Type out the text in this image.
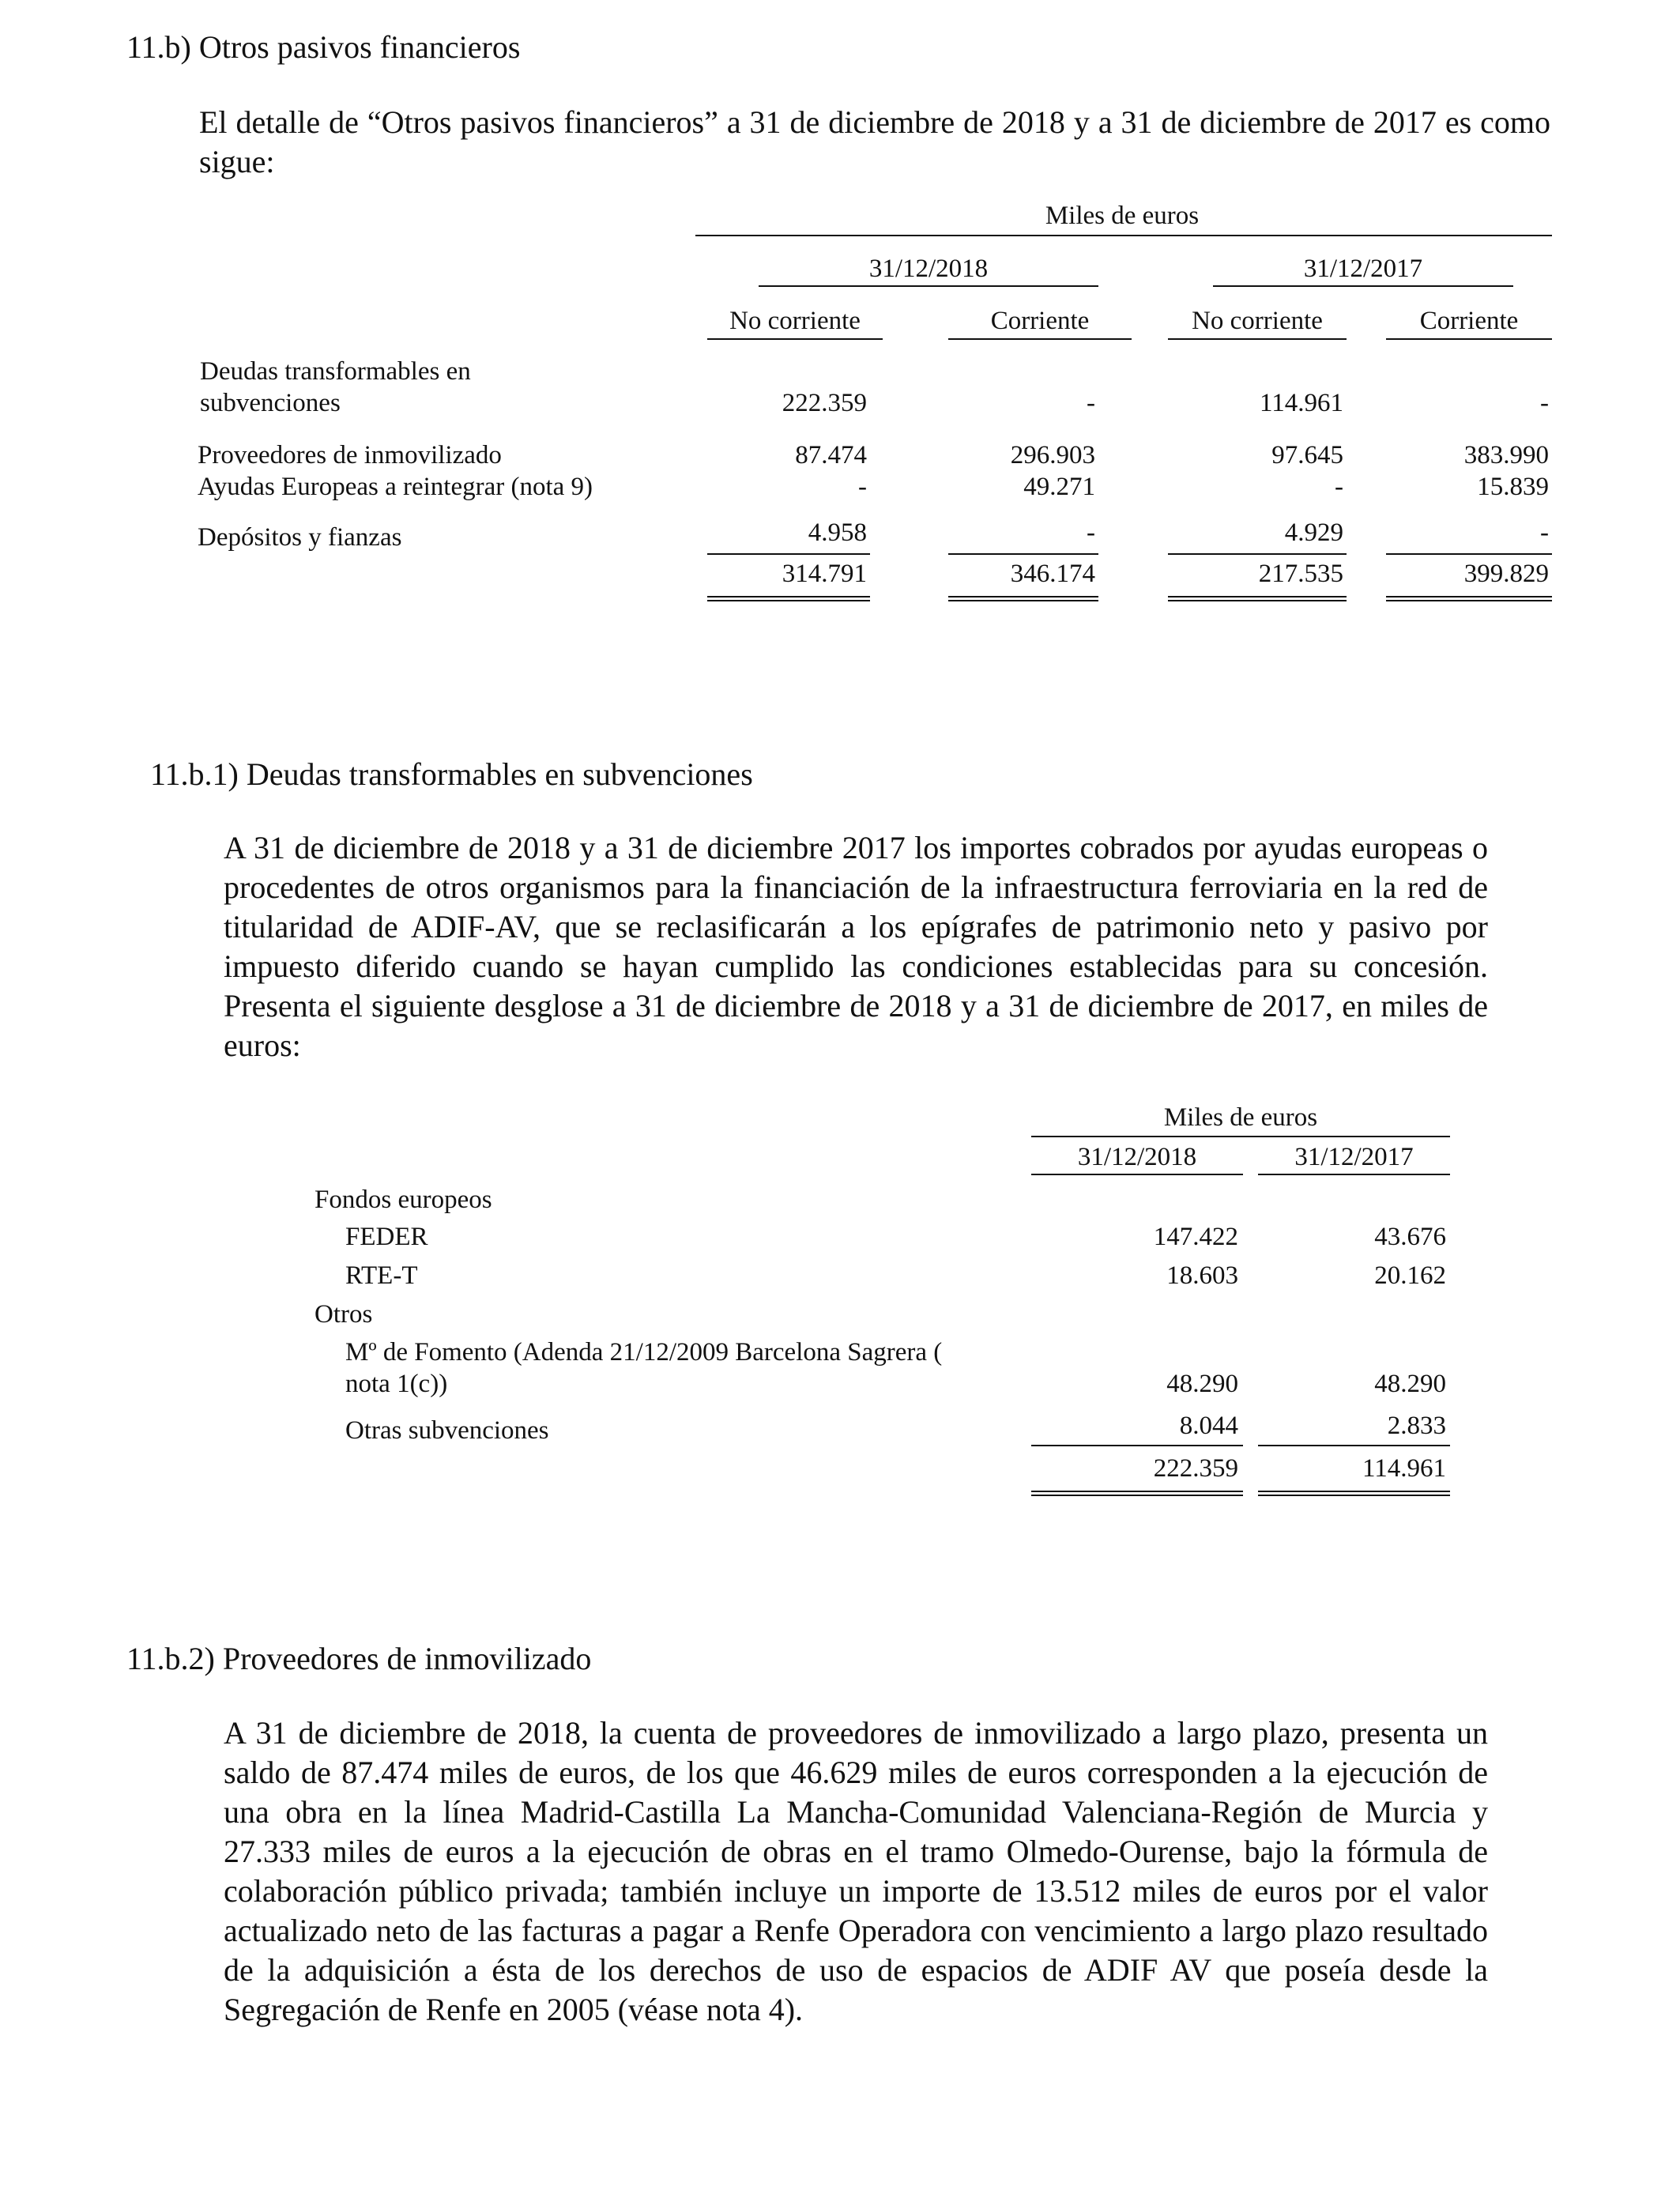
11.b) Otros pasivos financieros
El detalle de “Otros pasivos financieros” a 31 de diciembre de 2018 y a 31 de diciembre de 2017 es como sigue:
Miles de euros
31/12/2018	31/12/2017
No corriente	Corriente	No corriente	Corriente
Deudas transformables en
subvenciones	222.359	-	114.961	-
Proveedores de inmovilizado	87.474	296.903	97.645	383.990
Ayudas Europeas a reintegrar (nota 9)	-	49.271	-	15.839
Depósitos y fianzas	4.958	-	4.929	-
314.791	346.174	217.535	399.829
11.b.1) Deudas transformables en subvenciones
A 31 de diciembre de 2018 y a 31 de diciembre 2017 los importes cobrados por ayudas europeas o procedentes de otros organismos para la financiación de la infraestructura ferroviaria en la red de titularidad de ADIF-AV, que se reclasificarán a los epígrafes de patrimonio neto y pasivo por impuesto diferido cuando se hayan cumplido las condiciones establecidas para su concesión. Presenta el siguiente desglose a 31 de diciembre de 2018 y a 31 de diciembre de 2017, en miles de euros:
Miles de euros
31/12/2018	31/12/2017
Fondos europeos
FEDER	147.422	43.676
RTE-T	18.603	20.162
Otros
Mº de Fomento (Adenda 21/12/2009 Barcelona Sagrera (
nota 1(c))	48.290	48.290
Otras subvenciones	8.044	2.833
222.359	114.961
11.b.2) Proveedores de inmovilizado
A 31 de diciembre de 2018, la cuenta de proveedores de inmovilizado a largo plazo, presenta un saldo de 87.474 miles de euros, de los que 46.629 miles de euros corresponden a la ejecución de una obra en la línea Madrid-Castilla La Mancha-Comunidad Valenciana-Región de Murcia y 27.333 miles de euros a la ejecución de obras en el tramo Olmedo-Ourense, bajo la fórmula de colaboración público privada; también incluye un importe de 13.512 miles de euros por el valor actualizado neto de las facturas a pagar a Renfe Operadora con vencimiento a largo plazo resultado de la adquisición a ésta de los derechos de uso de espacios de ADIF AV que poseía desde la Segregación de Renfe en 2005 (véase nota 4).
